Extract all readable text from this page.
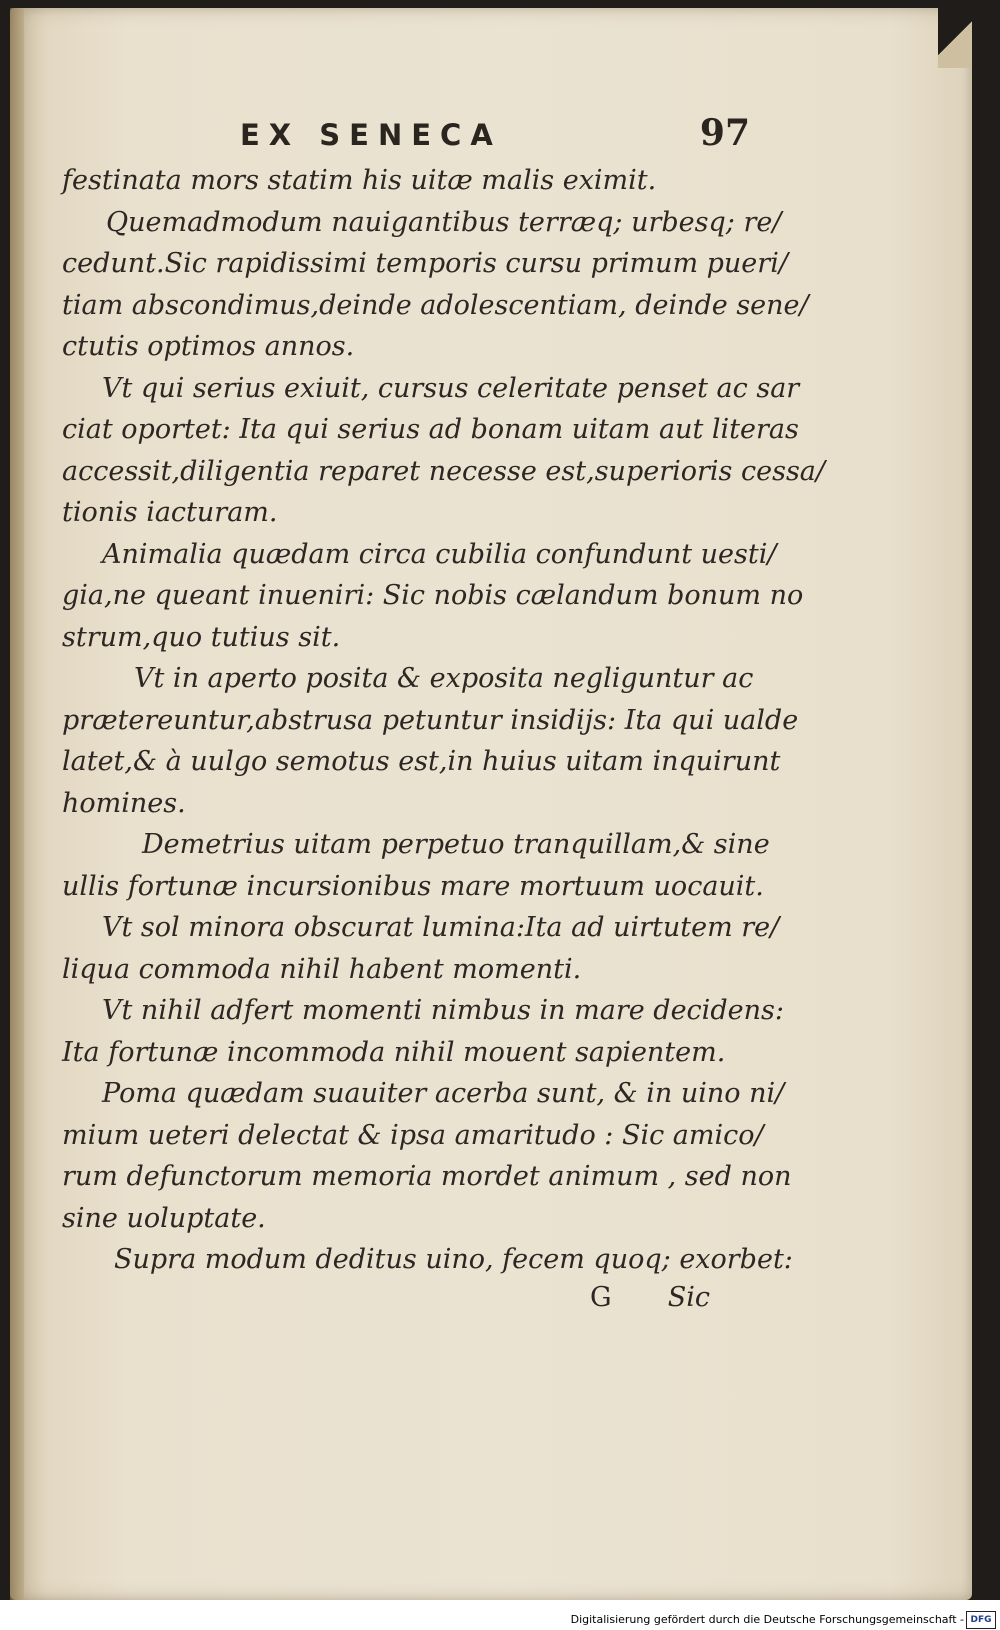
EX SENECA	97
festinata mors statim his uitæ malis eximit.
Quemadmodum nauigantibus terræq; urbesq; re/
cedunt.Sic rapidissimi temporis cursu primum pueri/
tiam abscondimus,deinde adolescentiam, deinde sene/
ctutis optimos annos.
Vt qui serius exiuit, cursus celeritate penset ac sar
ciat oportet: Ita qui serius ad bonam uitam aut literas
accessit,diligentia reparet necesse est,superioris cessa/
tionis iacturam.
Animalia quædam circa cubilia confundunt uesti/
gia,ne queant inueniri: Sic nobis cælandum bonum no
strum,quo tutius sit.
Vt in aperto posita & exposita negliguntur ac
prætereuntur,abstrusa petuntur insidijs: Ita qui ualde
latet,& à uulgo semotus est,in huius uitam inquirunt
homines.
Demetrius uitam perpetuo tranquillam,& sine
ullis fortunæ incursionibus mare mortuum uocauit.
Vt sol minora obscurat lumina:Ita ad uirtutem re/
liqua commoda nihil habent momenti.
Vt nihil adfert momenti nimbus in mare decidens:
Ita fortunæ incommoda nihil mouent sapientem.
Poma quædam suauiter acerba sunt, & in uino ni/
mium ueteri delectat & ipsa amaritudo : Sic amico/
rum defunctorum memoria mordet animum , sed non
sine uoluptate.
Supra modum deditus uino, fecem quoq; exorbet:
G Sic
Digitalisierung gefördert durch die Deutsche Forschungsgemeinschaft - DFG
